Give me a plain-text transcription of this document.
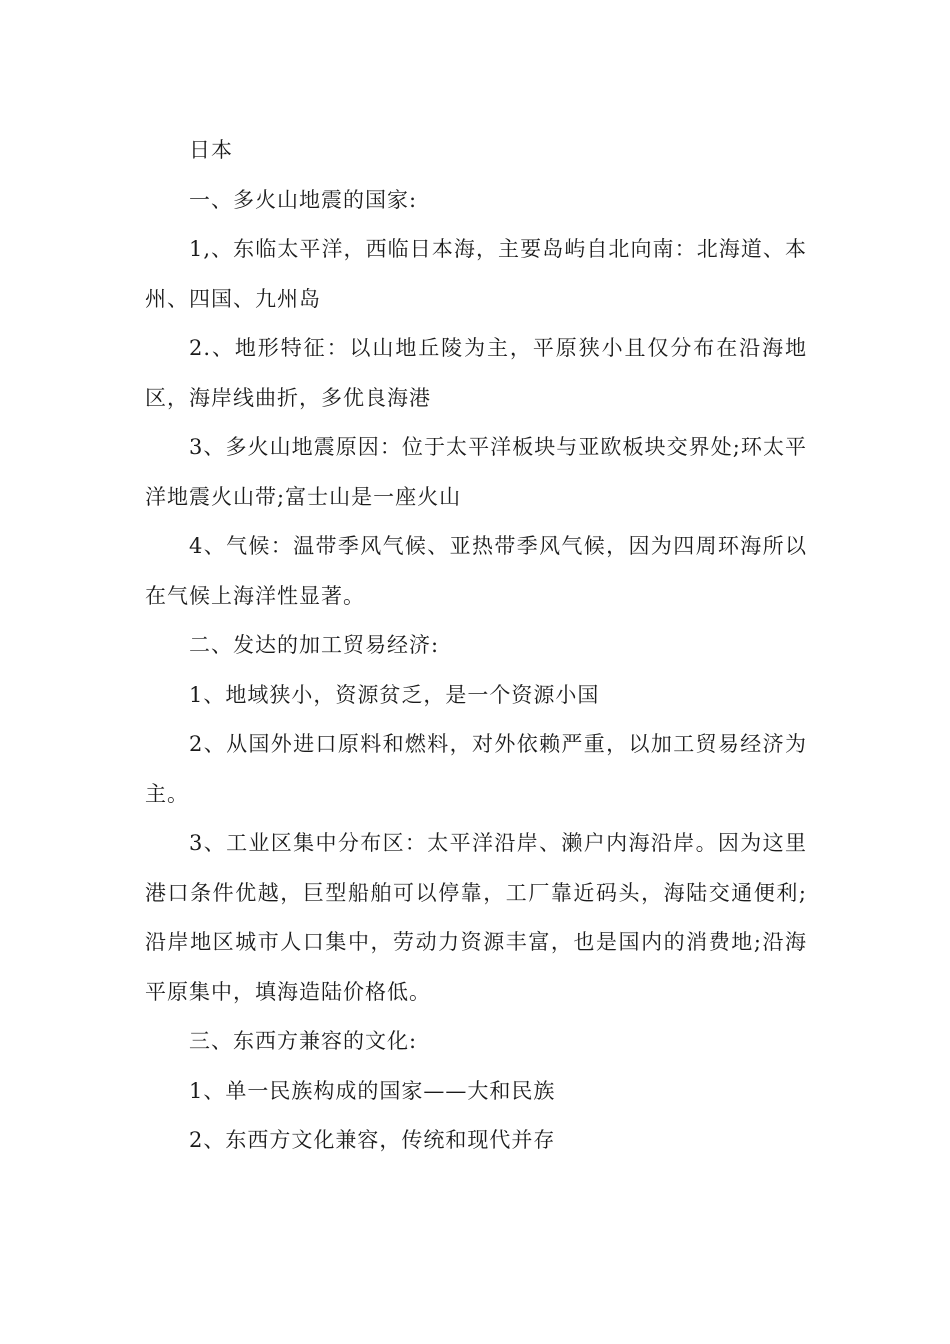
日本

一、多火山地震的国家:

1,、东临太平洋，西临日本海，主要岛屿自北向南：北海道、本州、四国、九州岛

2.、地形特征：以山地丘陵为主，平原狭小且仅分布在沿海地区，海岸线曲折，多优良海港

3、多火山地震原因：位于太平洋板块与亚欧板块交界处;环太平洋地震火山带;富士山是一座火山

4、气候：温带季风气候、亚热带季风气候，因为四周环海所以在气候上海洋性显著。

二、发达的加工贸易经济:

1、地域狭小，资源贫乏，是一个资源小国

2、从国外进口原料和燃料，对外依赖严重，以加工贸易经济为主。

3、工业区集中分布区：太平洋沿岸、濑户内海沿岸。因为这里港口条件优越，巨型船舶可以停靠，工厂靠近码头，海陆交通便利;沿岸地区城市人口集中，劳动力资源丰富，也是国内的消费地;沿海平原集中，填海造陆价格低。

三、东西方兼容的文化:

1、单一民族构成的国家——大和民族

2、东西方文化兼容，传统和现代并存
